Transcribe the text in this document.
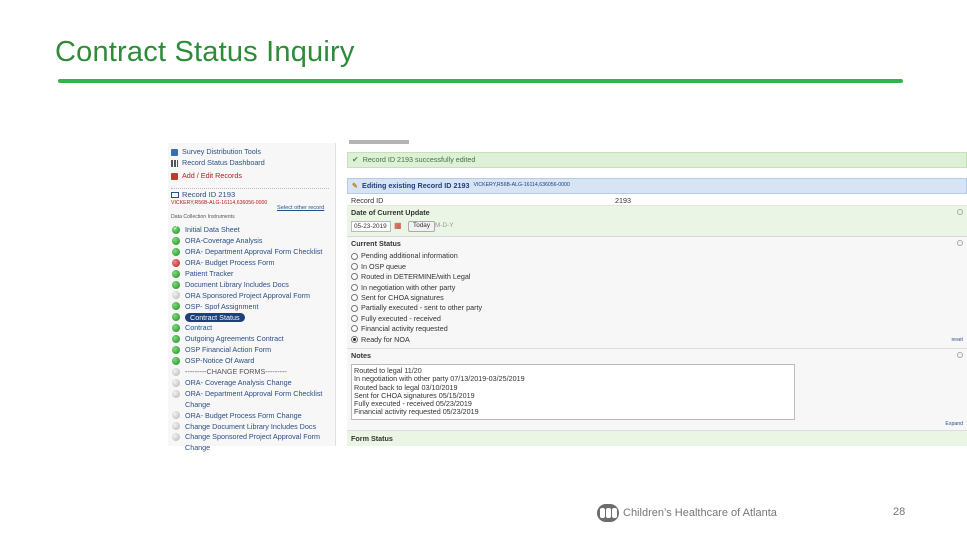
Contract Status Inquiry
Survey Distribution Tools
Record Status Dashboard
Add / Edit Records
Record ID 2193
VICKERY,R56B-ALG-16114,636056-0000
Select other record
Data Collection Instruments
✓
Initial Data Sheet
ORA-Coverage Analysis
ORA- Department Approval Form Checklist
ORA- Budget Process Form
Patient Tracker
Document Library Includes Docs
ORA Sponsored Project Approval Form
OSP- Spof Assignment
Contract Status
Contract
Outgoing Agreements Contract
OSP Financial Action Form
OSP-Notice Of Award
---------CHANGE FORMS---------
ORA- Coverage Analysis Change
ORA- Department Approval Form Checklist
Change
ORA- Budget Process Form Change
Change Document Library Includes Docs
Change Sponsored Project Approval Form
Change
✔ Record ID 2193 successfully edited
✎ Editing existing Record ID 2193 VICKERY,R56B-ALG-16114,636056-0000
Record ID	2193
Date of Current Update
05-23-2019 ▦	Today M-D-Y
Current Status
Pending additional information
In OSP queue
Routed in DETERMINE/with Legal
In negotiation with other party
Sent for CHOA signatures
Partially executed - sent to other party
Fully executed - received
Financial activity requested
Ready for NOA	reset
Notes
Routed to legal 11/20
In negotiation with other party 07/13/2019-03/25/2019
Routed back to legal 03/10/2019
Sent for CHOA signatures 05/15/2019
Fully executed - received 05/23/2019
Financial activity requested 05/23/2019
Expand
Form Status
Children’s Healthcare of Atlanta	28
